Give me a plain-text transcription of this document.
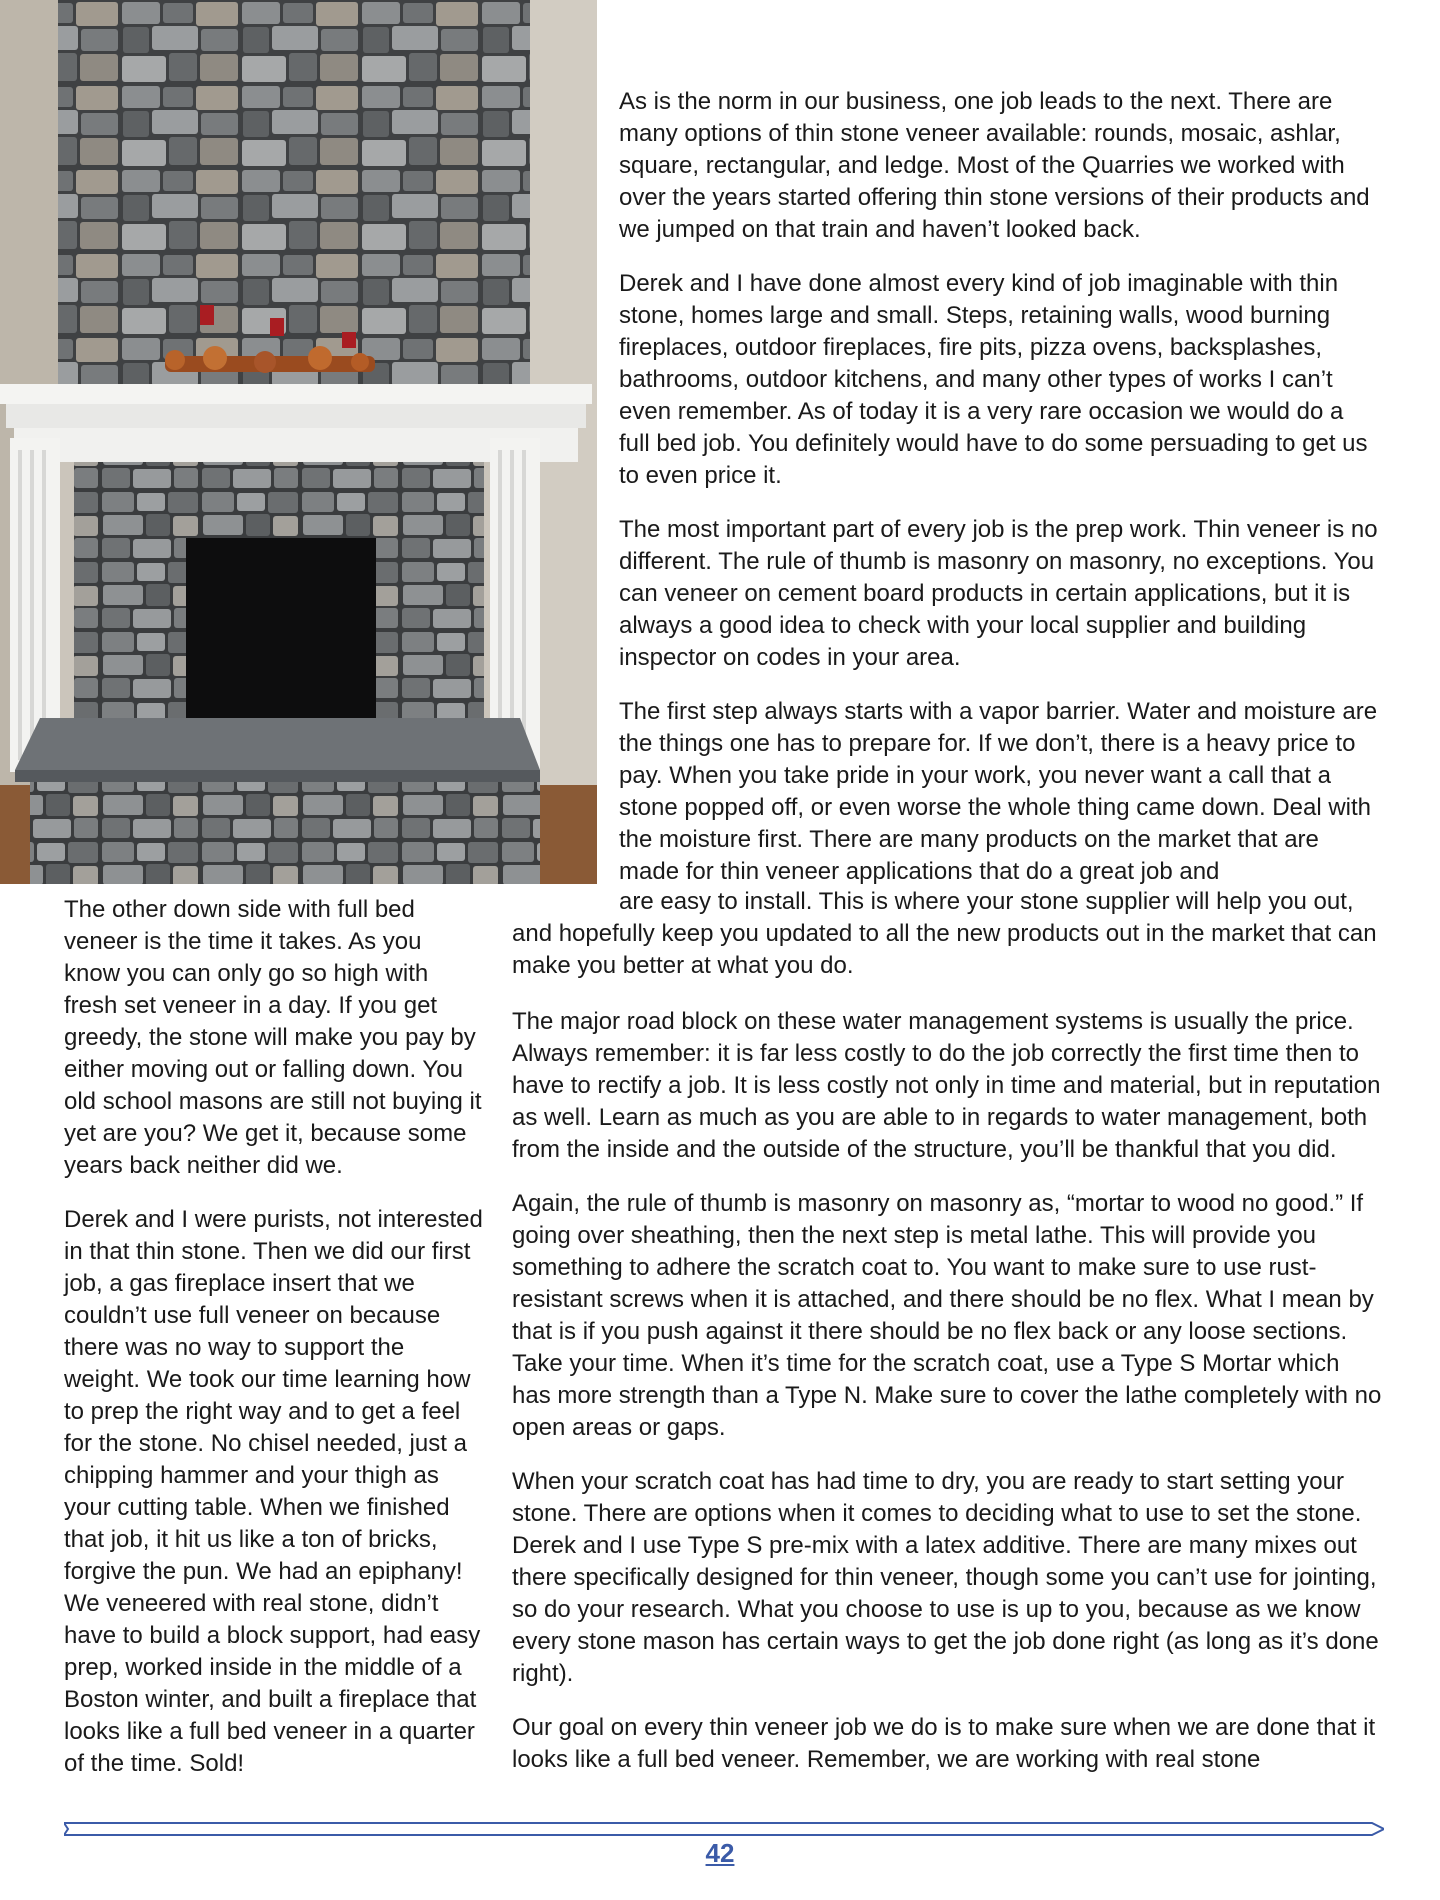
As is the norm in our business, one job leads to the next. There are many options of thin stone veneer available: rounds, mosaic, ashlar, square, rectangular, and ledge. Most of the Quarries we worked with over the years started offering thin stone versions of their products and we jumped on that train and haven’t looked back.

Derek and I have done almost every kind of job imaginable with thin stone, homes large and small. Steps, retaining walls, wood burning fireplaces, outdoor fireplaces, fire pits, pizza ovens, backsplashes, bathrooms, outdoor kitchens, and many other types of works I can’t even remember. As of today it is a very rare occasion we would do a full bed job. You definitely would have to do some persuading to get us to even price it.

The most important part of every job is the prep work. Thin veneer is no different. The rule of thumb is masonry on masonry, no exceptions. You can veneer on cement board products in certain applications, but it is always a good idea to check with your local supplier and building inspector on codes in your area.

The first step always starts with a vapor barrier. Water and moisture are the things one has to prepare for. If we don’t, there is a heavy price to pay. When you take pride in your work, you never want a call that a stone popped off, or even worse the whole thing came down. Deal with the moisture first. There are many products on the market that are made for thin veneer applications that do a great job and

are easy to install. This is where your stone supplier will help you out,
and hopefully keep you updated to all the new products out in the market that can make you better at what you do.

The major road block on these water management systems is usually the price. Always remember: it is far less costly to do the job correctly the first time then to have to rectify a job. It is less costly not only in time and material, but in reputation as well. Learn as much as you are able to in regards to water management, both from the inside and the outside of the structure, you’ll be thankful that you did.

Again, the rule of thumb is masonry on masonry as, “mortar to wood no good.” If going over sheathing, then the next step is metal lathe. This will provide you something to adhere the scratch coat to. You want to make sure to use rust-resistant screws when it is attached, and there should be no flex. What I mean by that is if you push against it there should be no flex back or any loose sections. Take your time. When it’s time for the scratch coat, use a Type S Mortar which has more strength than a Type N. Make sure to cover the lathe completely with no open areas or gaps.

When your scratch coat has had time to dry, you are ready to start setting your stone. There are options when it comes to deciding what to use to set the stone. Derek and I use Type S pre-mix with a latex additive. There are many mixes out there specifically designed for thin veneer, though some you can’t use for jointing, so do your research. What you choose to use is up to you, because as we know every stone mason has certain ways to get the job done right (as long as it’s done right).

Our goal on every thin veneer job we do is to make sure when we are done that it looks like a full bed veneer. Remember, we are working with real stone

The other down side with full bed veneer is the time it takes. As you know you can only go so high with fresh set veneer in a day. If you get greedy, the stone will make you pay by either moving out or falling down. You old school masons are still not buying it yet are you? We get it, because some years back neither did we.

Derek and I were purists, not interested in that thin stone. Then we did our first job, a gas fireplace insert that we couldn’t use full veneer on because there was no way to support the weight. We took our time learning how to prep the right way and to get a feel for the stone. No chisel needed, just a chipping hammer and your thigh as your cutting table. When we finished that job, it hit us like a ton of bricks, forgive the pun. We had an epiphany! We veneered with real stone, didn’t have to build a block support, had easy prep, worked inside in the middle of a Boston winter, and built a fireplace that looks like a full bed veneer in a quarter of the time. Sold!

42
